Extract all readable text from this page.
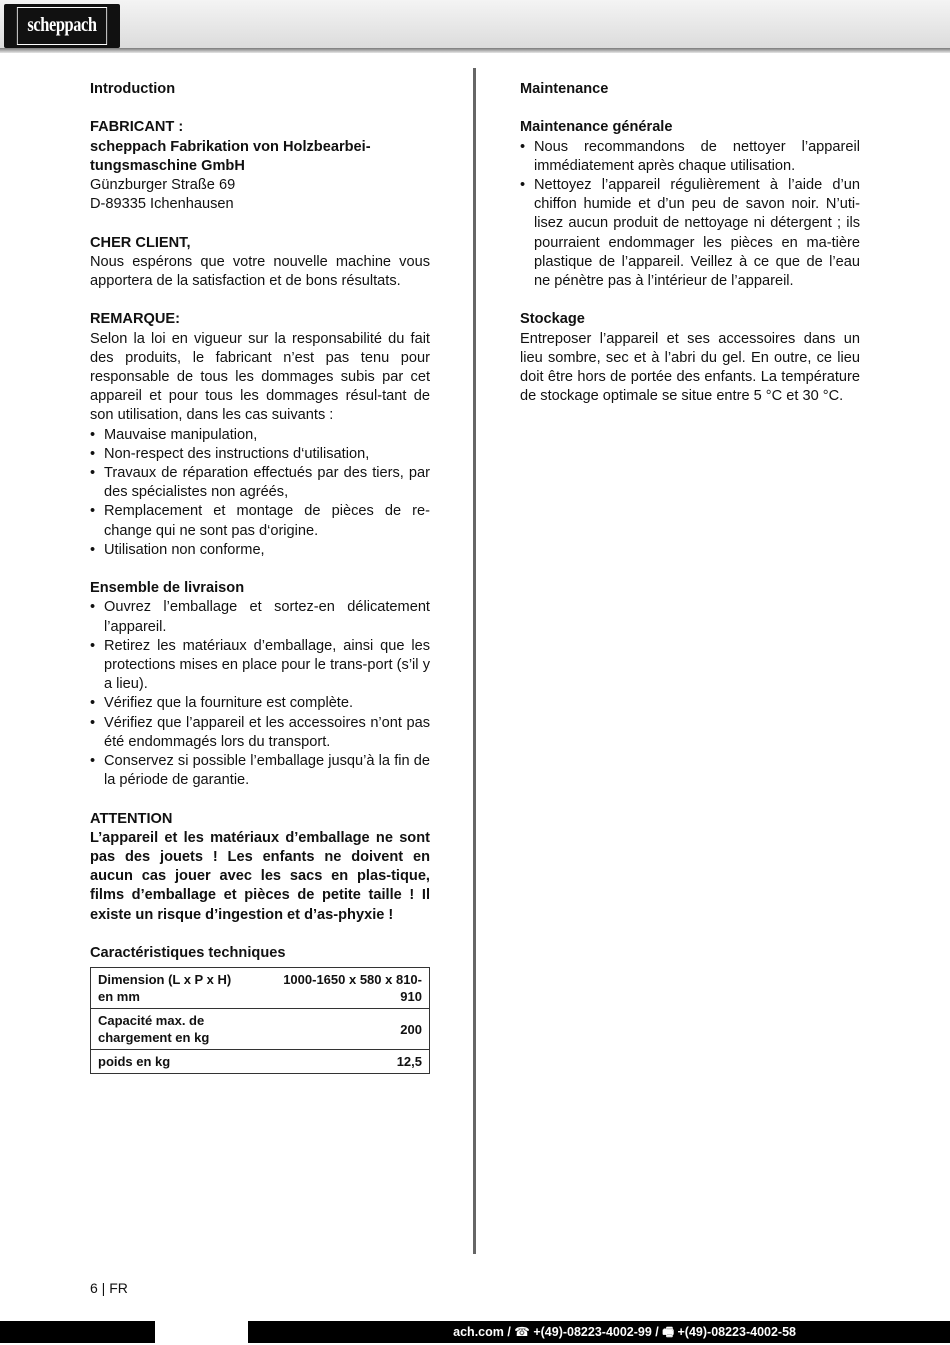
scheppach

Introduction

FABRICANT :

scheppach Fabrikation von Holzbearbei-

tungsmaschine GmbH

Günzburger Straße 69

D-89335 Ichenhausen

CHER CLIENT,

Nous espérons que votre nouvelle machine vous apportera de la satisfaction et de bons résultats.

REMARQUE:

Selon la loi en vigueur sur la responsabilité du fait des produits, le fabricant n’est pas tenu pour responsable de tous les dommages subis par cet appareil et pour tous les dommages résul-tant de son utilisation, dans les cas suivants :

• Mauvaise manipulation,
• Non-respect des instructions d‘utilisation,
• Travaux de réparation effectués par des tiers, par des spécialistes non agréés,
• Remplacement et montage de pièces de re-change qui ne sont pas d‘origine.
• Utilisation non conforme,

Ensemble de livraison

• Ouvrez l’emballage et sortez-en délicatement l’appareil.
• Retirez les matériaux d’emballage, ainsi que les protections mises en place pour le trans-port (s’il y a lieu).
• Vérifiez que la fourniture est complète.
• Vérifiez que l’appareil et les accessoires n’ont pas été endommagés lors du transport.
• Conservez si possible l’emballage jusqu’à la fin de la période de garantie.

ATTENTION

L’appareil et les matériaux d’emballage ne sont pas des jouets ! Les enfants ne doivent en aucun cas jouer avec les sacs en plas-tique, films d’emballage et pièces de petite taille ! Il existe un risque d’ingestion et d’as-phyxie !

Caractéristiques techniques

Dimension (L x P x H) en mm	1000-1650 x 580 x 810-910
Capacité max. de chargement en kg	200
poids en kg	12,5

Maintenance

Maintenance générale

• Nous recommandons de nettoyer l’appareil immédiatement après chaque utilisation.
• Nettoyez l’appareil régulièrement à l’aide d’un chiffon humide et d’un peu de savon noir. N’uti-lisez aucun produit de nettoyage ni détergent ; ils pourraient endommager les pièces en ma-tière plastique de l’appareil. Veillez à ce que de l’eau ne pénètre pas à l’intérieur de l’appareil.

Stockage

Entreposer l’appareil et ses accessoires dans un lieu sombre, sec et à l’abri du gel. En outre, ce lieu doit être hors de portée des enfants. La température de stockage optimale se situe entre 5 °C et 30 °C.

6 | FR
ach.com / ☎ +(49)-08223-4002-99 / 🖷 +(49)-08223-4002-58
